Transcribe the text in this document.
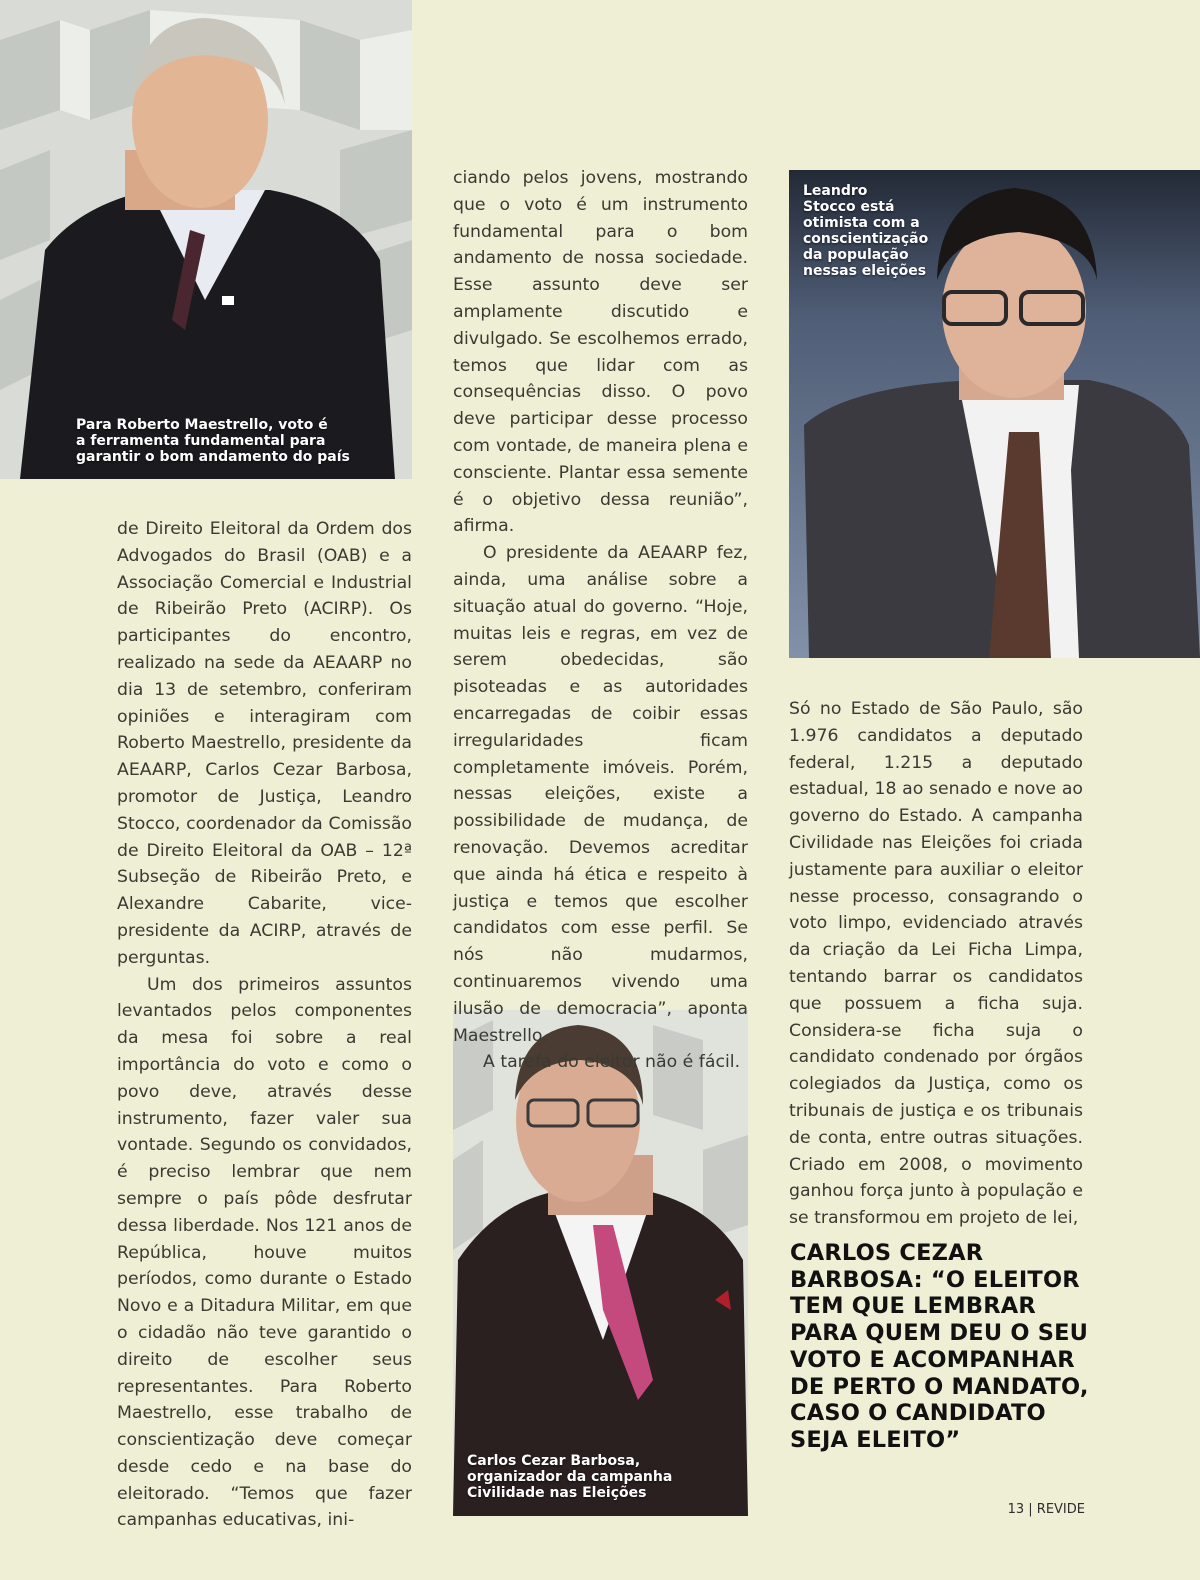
Para Roberto Maestrello, voto é
a ferramenta fundamental para
garantir o bom andamento do país
Leandro
Stocco está
otimista com a
conscientização
da população
nessas eleições
Carlos Cezar Barbosa,
organizador da campanha
Civilidade nas Eleições

de Direito Eleitoral da Ordem dos Advogados do Brasil (OAB) e a Associação Comercial e Industrial de Ribeirão Preto (ACIRP). Os participantes do encontro, realizado na sede da AEAARP no dia 13 de setembro, conferiram opiniões e interagiram com Roberto Maestrello, presidente da AEAARP, Carlos Cezar Barbosa, promotor de Justiça, Leandro Stocco, coordenador da Comissão de Direito Eleitoral da OAB – 12ª Subseção de Ribeirão Preto, e Alexandre Cabarite, vice-presidente da ACIRP, através de perguntas.

Um dos primeiros assuntos levantados pelos componentes da mesa foi sobre a real importância do voto e como o povo deve, através desse instrumento, fazer valer sua vontade. Segundo os convidados, é preciso lembrar que nem sempre o país pôde desfrutar dessa liberdade. Nos 121 anos de República, houve muitos períodos, como durante o Estado Novo e a Ditadura Militar, em que o cidadão não teve garantido o direito de escolher seus representantes. Para Roberto Maestrello, esse trabalho de conscientização deve começar desde cedo e na base do eleitorado. “Temos que fazer campanhas educativas, ini-

ciando pelos jovens, mostrando que o voto é um instrumento fundamental para o bom andamento de nossa sociedade. Esse assunto deve ser amplamente discutido e divulgado. Se escolhemos errado, temos que lidar com as consequências disso. O povo deve participar desse processo com vontade, de maneira plena e consciente. Plantar essa semente é o objetivo dessa reunião”, afirma.

O presidente da AEAARP fez, ainda, uma análise sobre a situação atual do governo. “Hoje, muitas leis e regras, em vez de serem obedecidas, são pisoteadas e as autoridades encarregadas de coibir essas irregularidades ficam completamente imóveis. Porém, nessas eleições, existe a possibilidade de mudança, de renovação. Devemos acreditar que ainda há ética e respeito à justiça e temos que escolher candidatos com esse perfil. Se nós não mudarmos, continuaremos vivendo uma ilusão de democracia”, aponta Maestrello.

A tarefa do eleitor não é fácil.

Só no Estado de São Paulo, são 1.976 candidatos a deputado federal, 1.215 a deputado estadual, 18 ao senado e nove ao governo do Estado. A campanha Civilidade nas Eleições foi criada justamente para auxiliar o eleitor nesse processo, consagrando o voto limpo, evidenciado através da criação da Lei Ficha Limpa, tentando barrar os candidatos que possuem a ficha suja. Considera-se ficha suja o candidato condenado por órgãos colegiados da Justiça, como os tribunais de justiça e os tribunais de conta, entre outras situações. Criado em 2008, o movimento ganhou força junto à população e se transformou em projeto de lei,

CARLOS CEZAR
BARBOSA: “O ELEITOR
TEM QUE LEMBRAR
PARA QUEM DEU O SEU
VOTO E ACOMPANHAR
DE PERTO O MANDATO,
CASO O CANDIDATO
SEJA ELEITO”
13 | REVIDE
